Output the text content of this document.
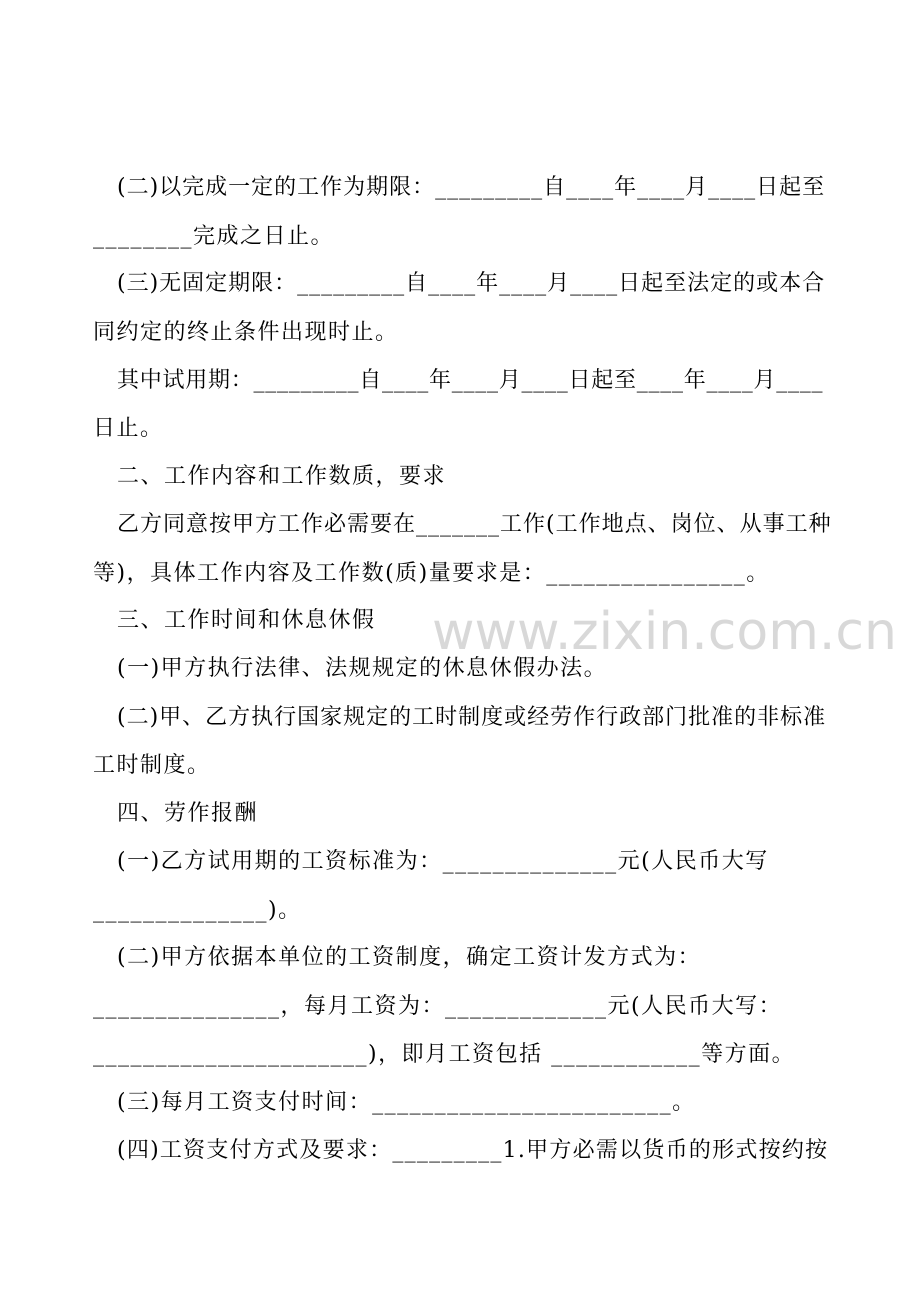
www.zixin.com.cn
(二)以完成一定的工作为期限：_________自____年____月____日起至
________完成之日止。
(三)无固定期限：_________自____年____月____日起至法定的或本合
同约定的终止条件出现时止。
其中试用期：_________自____年____月____日起至____年____月____
日止。
二、工作内容和工作数质，要求
乙方同意按甲方工作必需要在_______工作(工作地点、岗位、从事工种
等)，具体工作内容及工作数(质)量要求是：________________。
三、工作时间和休息休假
(一)甲方执行法律、法规规定的休息休假办法。
(二)甲、乙方执行国家规定的工时制度或经劳作行政部门批准的非标准
工时制度。
四、劳作报酬
(一)乙方试用期的工资标准为：______________元(人民币大写
______________)。
(二)甲方依据本单位的工资制度，确定工资计发方式为：
_______________，每月工资为：_____________元(人民币大写：
______________________)，即月工资包括 ____________等方面。
(三)每月工资支付时间：________________________。
(四)工资支付方式及要求：_________1.甲方必需以货币的形式按约按
